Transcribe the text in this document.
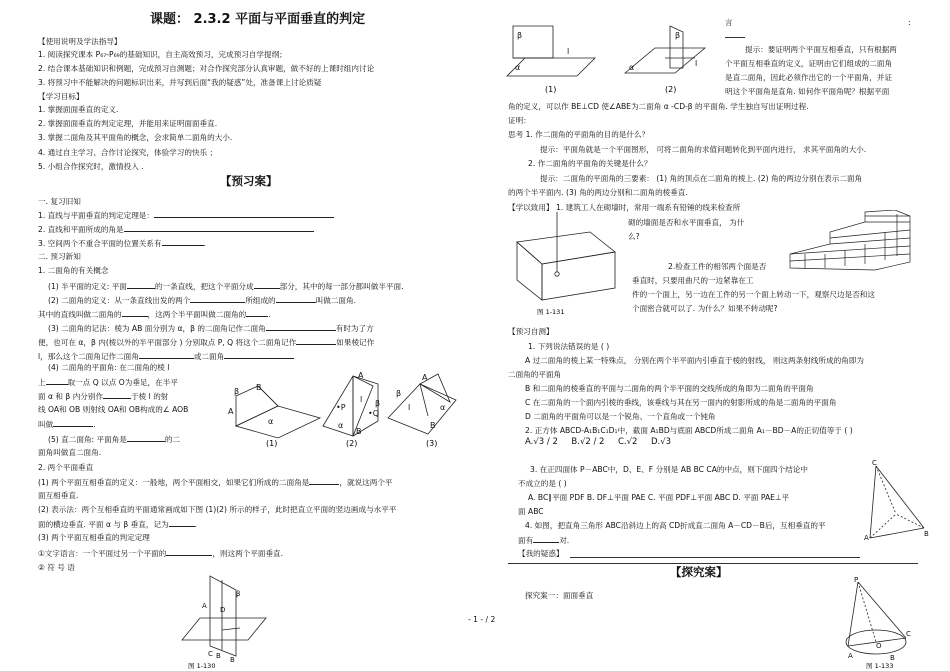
课题： 2.3.2 平面与平面垂直的判定
【使用说明及学法指导】
1. 阅读探究课本 P₆₇-P₆₉的基础知识，自主高效预习，完成预习自学提纲；
2. 结合课本基础知识和例题，完成预习自测题；对合作探究部分认真审题，做不好的上课时组内讨论
3. 将预习中不能解决的问题标识出来，并写到后面“我的疑惑”处，准备课上讨论质疑
【学习目标】
1. 掌握面面垂直的定义.
2. 掌握面面垂直的判定定理，并能用来证明面面垂直.
3. 掌握二面角及其平面角的概念，会求简单二面角的大小.
4. 通过自主学习、合作讨论探究，体验学习的快乐 ；
5. 小组合作探究时，激情投入 .
【预习案】
一. 复习旧知
1. 直线与平面垂直的判定定理是：
2. 直线和平面所成的角是
3. 空间两个不重合平面的位置关系有	.
二. 预习新知
1. 二面角的有关概念
(1) 半平面的定义: 平面	的一条直线，把这个平面分成	部分，其中的每一部分都叫做半平面.
(2) 二面角的定义：从一条直线出发的两个	所组成的	叫做二面角.
其中的直线叫做二面角的	，这两个半平面叫做二面角的	.
(3) 二面角的记法：棱为 AB 面分别为 α，β 的二面角记作二面角	有时为了方
便，也可在 α，β 内(棱以外的半平面部分 ) 分别取点 P, Q 将这个二面角记作	如果棱记作
l，那么这个二面角记作二面角	或二面角
(4) 二面角的平面角: 在二面角的棱 l
上	取一点 Q 以点 O为垂足，在半平
面 α 和 β 内分别作	于棱 l 的射
线 OA和 OB 则射线 OA和 OB构成的∠ AOB
叫做	.
(5) 直二面角: 平面角是	的二
面角叫做直二面角.
β B
A
α
•P
l
•Q
A
B
α
β
β
A
l	α
B
(1)	(2)	(3)
2. 两个平面垂直
(1) 两个平面互相垂直的定义：一般地，两个平面相交，如果它们所成的二面角是	，就说这两个平
面互相垂直.
(2) 表示法：两个互相垂直的平面通常画成如下图 (1)(2) 所示的样子，此时把直立平面的竖边画成与水平平
面的横边垂直. 平面 α 与 β 垂直，记为	.
(3) 两个平面互相垂直的判定定理
①文字语言：一个平面过另一个平面的	，则这两个平面垂直.
② 符 号 语
A D
β
B
C
B
图 1-130
- 1 - / 2
β
α
l
β
α	l
(1)	(2)
言	:
提示：要证明两个平面互相垂直，只有根据两
个平面互相垂直的定义，证明由它们组成的二面角
是直二面角，因此必须作出它的一个平面角，并证
明这个平面角是直角. 如何作平面角呢？根据平面
角的定义，可以作 BE⊥CD 使∠ABE为二面角 α -CD-β 的平面角. 学生独自写出证明过程.
证明：
思考 1. 作二面角的平面角的目的是什么？
提示：平面角就是一个平面图形， 可将二面角的求值问题转化到平面内进行， 求其平面角的大小.
2. 作二面角的平面角的关键是什么？
提示：二面角的平面角的三要素： (1) 角的顶点在二面角的棱上. (2) 角的两边分别在表示二面角
的两个半平面内. (3) 角的两边分别和二面角的棱垂直.
【学以致用】 1. 建筑工人在砌墙时，常用一端系有铅锤的线来检查所
砌的墙面是否和水平面垂直， 为什
么?
图 1-131
2.检查工件的相邻两个面是否
垂直时，只要用曲尺的一边紧靠在工
件的一个面上，另一边在工件的另一个面上转动一下，观察尺边是否和这
个面密合就可以了. 为什么？如果不转动呢?
【预习自测】
1. 下列说法错误的是 ( )
A 过二面角的棱上某一特殊点， 分别在两个半平面内引垂直于棱的射线， 则这两条射线所成的角即为
二面角的平面角
B 和二面角的棱垂直的平面与二面角的两个半平面的交线所成的角即为二面角的平面角
C 在二面角的一个面内引棱的垂线，该垂线与其在另一面内的射影所成的角是二面角的平面角
D 二面角的平面角可以是一个锐角、一个直角或一个钝角
2. 正方体 ABCD-A₁B₁C₁D₁中，截面 A₁BD与底面 ABCD所成二面角 A₁－BD－A的正切值等于 ( )
A.√3 / 2 B.√2 / 2 C.√2 D.√3
3. 在正四面体 P－ABC中，D、E、F 分别是 AB BC CA的中点，则下面四个结论中
不成立的是 ( )
A. BC∥平面 PDF B. DF⊥平面 PAE C. 平面 PDF⊥平面 ABC D. 平面 PAE⊥平
面 ABC
4. 如图，把直角三角形 ABC沿斜边上的高 CD折成直二面角 A－CD－B后，互相垂直的平
面有	对.
C
A	B
【我的疑惑】
【探究案】
探究案一：面面垂直
P
A
O
C
B
图 1-133
